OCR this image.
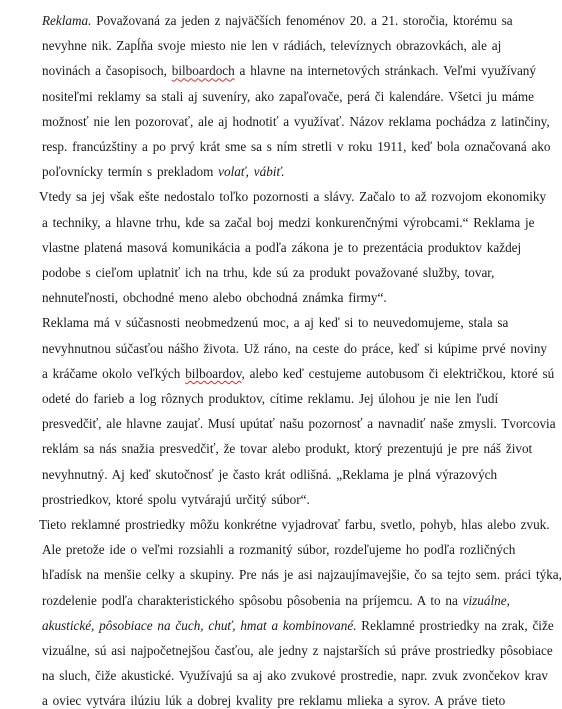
Reklama. Považovaná za jeden z najväčších fenoménov 20. a 21. storočia, ktorému sa
nevyhne nik. Zapĺňa svoje miesto nie len v rádiách, televíznych obrazovkách, ale aj
novinách a časopisoch, bilboardoch a hlavne na internetových stránkach. Veľmi využívaný
nositeľmi reklamy sa stali aj suveníry, ako zapaľovače, perá či kalendáre. Všetci ju máme
možnosť nie len pozorovať, ale aj hodnotiť a využívať. Názov reklama pochádza z latinčiny,
resp. francúzštiny a po prvý krát sme sa s ním stretli v roku 1911, keď bola označovaná ako
poľovnícky termín s prekladom volať, vábiť.
Vtedy sa jej však ešte nedostalo toľko pozornosti a slávy. Začalo to až rozvojom ekonomiky
a techniky, a hlavne trhu, kde sa začal boj medzi konkurenčnými výrobcami.“ Reklama je
vlastne platená masová komunikácia a podľa zákona je to prezentácia produktov každej
podobe s cieľom uplatniť ich na trhu, kde sú za produkt považované služby, tovar,
nehnuteľnosti, obchodné meno alebo obchodná známka firmy“.
Reklama má v súčasnosti neobmedzenú moc, a aj keď si to neuvedomujeme, stala sa
nevyhnutnou súčasťou nášho života. Už ráno, na ceste do práce, keď si kúpime prvé noviny
a kráčame okolo veľkých bilboardov, alebo keď cestujeme autobusom či električkou, ktoré sú
odeté do farieb a log rôznych produktov, cítime reklamu. Jej úlohou je nie len ľudí
presvedčiť, ale hlavne zaujať. Musí upútať našu pozornosť a navnadiť naše zmysli. Tvorcovia
reklám sa nás snažia presvedčiť, že tovar alebo produkt, ktorý prezentujú je pre náš život
nevyhnutný. Aj keď skutočnosť je často krát odlišná. „Reklama je plná výrazových
prostriedkov, ktoré spolu vytvárajú určitý súbor“.
Tieto reklamné prostriedky môžu konkrétne vyjadrovať farbu, svetlo, pohyb, hlas alebo zvuk.
Ale pretože ide o veľmi rozsiahli a rozmanitý súbor, rozdeľujeme ho podľa rozličných
hľadísk na menšie celky a skupiny. Pre nás je asi najzaujímavejšie, čo sa tejto sem. práci týka,
rozdelenie podľa charakteristického spôsobu pôsobenia na príjemcu. A to na vizuálne,
akustické, pôsobiace na čuch, chuť, hmat a kombinované. Reklamné prostriedky na zrak, čiže
vizuálne, sú asi najpočetnejšou časťou, ale jedny z najstarších sú práve prostriedky pôsobiace
na sluch, čiže akustické. Využívajú sa aj ako zvukové prostredie, napr. zvuk zvončekov krav
a oviec vytvára ilúziu lúk a dobrej kvality pre reklamu mlieka a syrov. A práve tieto
